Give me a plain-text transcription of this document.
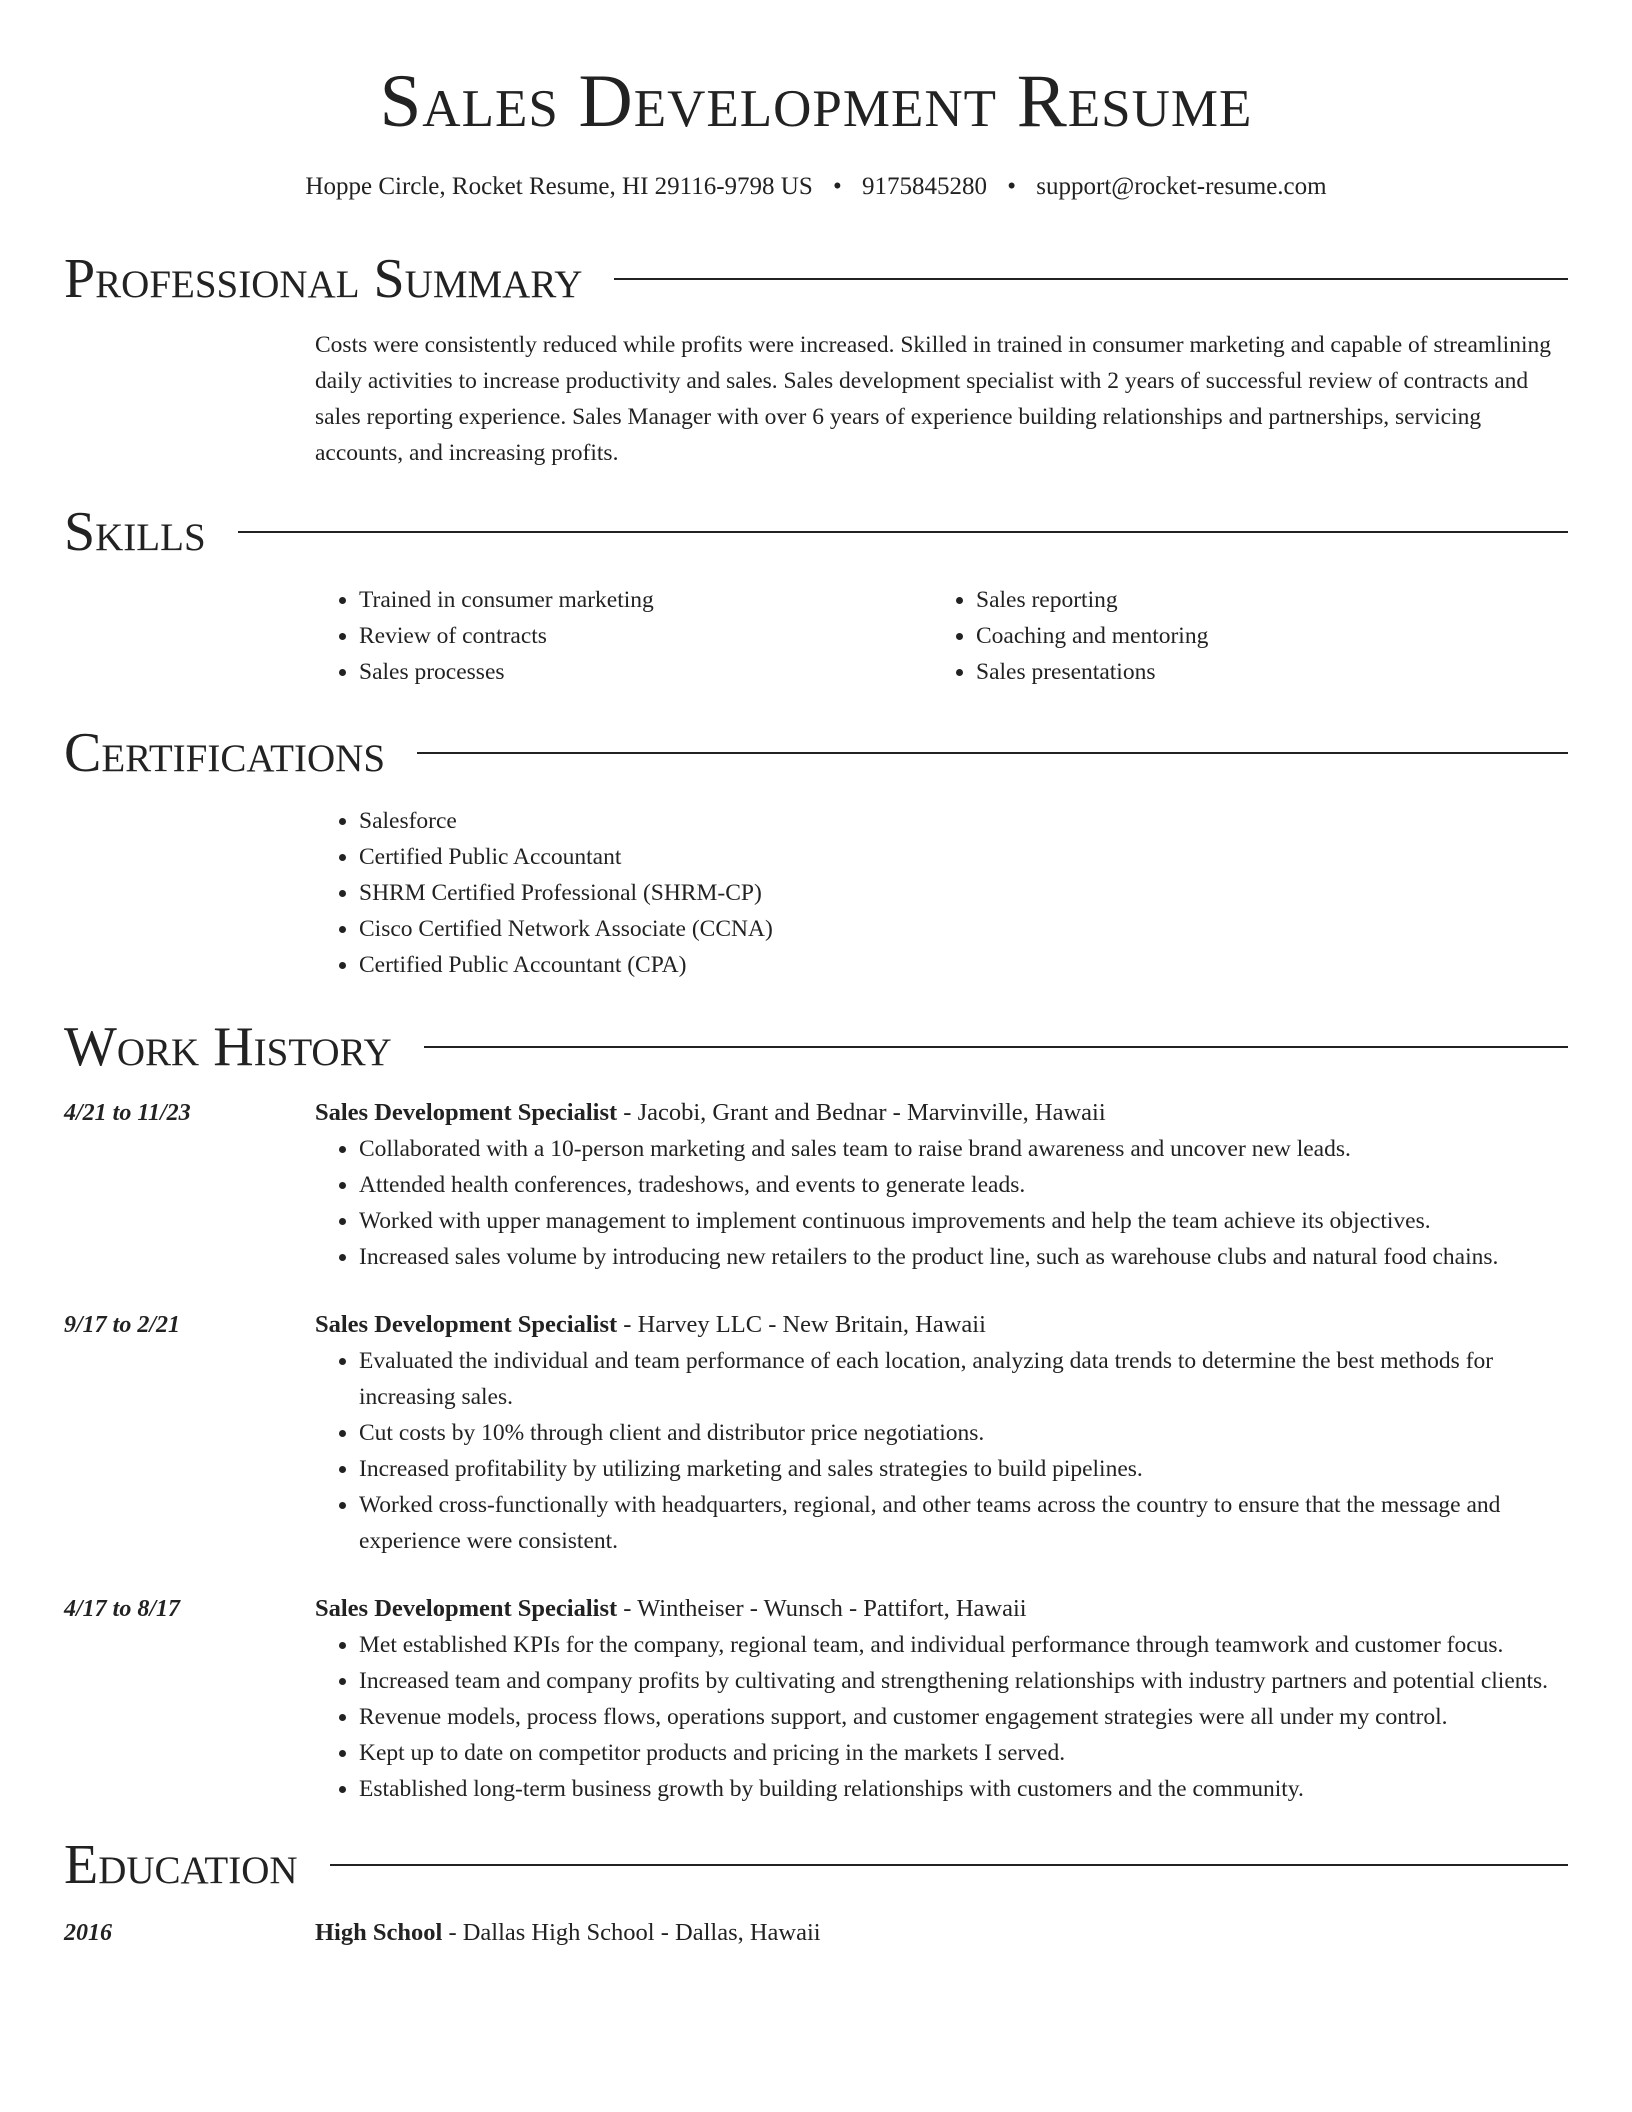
Sales Development Resume
Hoppe Circle, Rocket Resume, HI 29116-9798 US • 9175845280 • support@rocket-resume.com
Professional Summary

Costs were consistently reduced while profits were increased. Skilled in trained in consumer marketing and capable of streamlining daily activities to increase productivity and sales. Sales development specialist with 2 years of successful review of contracts and sales reporting experience. Sales Manager with over 6 years of experience building relationships and partnerships, servicing accounts, and increasing profits.

Skills
• Trained in consumer marketing
• Review of contracts
• Sales processes
• Sales reporting
• Coaching and mentoring
• Sales presentations
Certifications
• Salesforce
• Certified Public Accountant
• SHRM Certified Professional (SHRM-CP)
• Cisco Certified Network Associate (CCNA)
• Certified Public Accountant (CPA)
Work History
4/21 to 11/23	Sales Development Specialist - Jacobi, Grant and Bednar - Marvinville, Hawaii
• Collaborated with a 10-person marketing and sales team to raise brand awareness and uncover new leads.
• Attended health conferences, tradeshows, and events to generate leads.
• Worked with upper management to implement continuous improvements and help the team achieve its objectives.
• Increased sales volume by introducing new retailers to the product line, such as warehouse clubs and natural food chains.
9/17 to 2/21	Sales Development Specialist - Harvey LLC - New Britain, Hawaii
• Evaluated the individual and team performance of each location, analyzing data trends to determine the best methods for increasing sales.
• Cut costs by 10% through client and distributor price negotiations.
• Increased profitability by utilizing marketing and sales strategies to build pipelines.
• Worked cross-functionally with headquarters, regional, and other teams across the country to ensure that the message and experience were consistent.
4/17 to 8/17	Sales Development Specialist - Wintheiser - Wunsch - Pattifort, Hawaii
• Met established KPIs for the company, regional team, and individual performance through teamwork and customer focus.
• Increased team and company profits by cultivating and strengthening relationships with industry partners and potential clients.
• Revenue models, process flows, operations support, and customer engagement strategies were all under my control.
• Kept up to date on competitor products and pricing in the markets I served.
• Established long-term business growth by building relationships with customers and the community.
Education
2016	High School - Dallas High School - Dallas, Hawaii
